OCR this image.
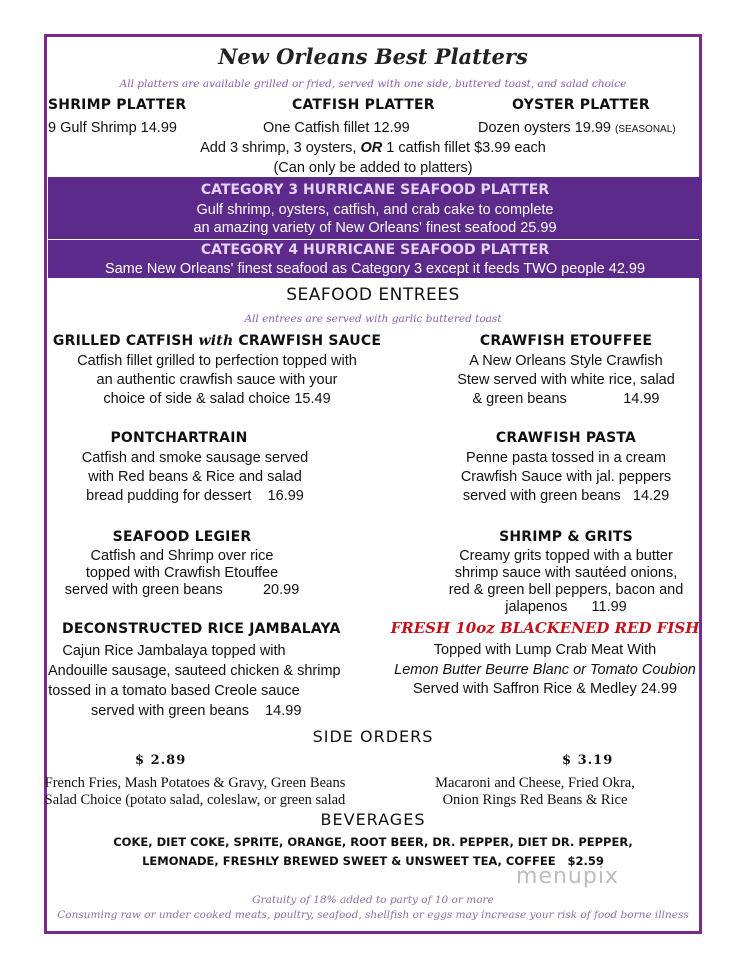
New Orleans Best Platters
All platters are available grilled or fried, served with one side, buttered toast, and salad choice
SHRIMP PLATTER
9 Gulf Shrimp 14.99
CATFISH PLATTER
One Catfish fillet 12.99
OYSTER PLATTER
Dozen oysters 19.99 (SEASONAL)
Add 3 shrimp, 3 oysters, OR 1 catfish fillet $3.99 each
(Can only be added to platters)
CATEGORY 3 HURRICANE SEAFOOD PLATTER
Gulf shrimp, oysters, catfish, and crab cake to complete
an amazing variety of New Orleans' finest seafood 25.99
CATEGORY 4 HURRICANE SEAFOOD PLATTER
Same New Orleans' finest seafood as Category 3 except it feeds TWO people 42.99
SEAFOOD ENTREES
All entrees are served with garlic buttered toast
GRILLED CATFISH with CRAWFISH SAUCE
Catfish fillet grilled to perfection topped with
an authentic crawfish sauce with your
choice of side & salad choice 15.49
CRAWFISH ETOUFFEE
A New Orleans Style Crawfish
Stew served with white rice, salad
& green beans              14.99
PONTCHARTRAIN
Catfish and smoke sausage served
with Red beans & Rice and salad
bread pudding for dessert    16.99
CRAWFISH PASTA
Penne pasta tossed in a cream
Crawfish Sauce with jal. peppers
served with green beans   14.29
SEAFOOD LEGIER
Catfish and Shrimp over rice
topped with Crawfish Etouffee
served with green beans          20.99
SHRIMP & GRITS
Creamy grits topped with a butter
shrimp sauce with sautéed onions,
red & green bell peppers, bacon and
jalapenos      11.99
DECONSTRUCTED RICE JAMBALAYA
Cajun Rice Jambalaya topped with
Andouille sausage, sauteed chicken & shrimp
tossed in a tomato based Creole sauce
served with green beans    14.99
FRESH 10oz BLACKENED RED FISH
Topped with Lump Crab Meat With
Lemon Butter Beurre Blanc or Tomato Coubion
Served with Saffron Rice & Medley 24.99
SIDE ORDERS
$ 2.89
French Fries, Mash Potatoes & Gravy, Green Beans
Salad Choice (potato salad, coleslaw, or green salad
$ 3.19
Macaroni and Cheese, Fried Okra,
Onion Rings Red Beans & Rice
BEVERAGES
COKE, DIET COKE, SPRITE, ORANGE, ROOT BEER, DR. PEPPER, DIET DR. PEPPER,
LEMONADE, FRESHLY BREWED SWEET & UNSWEET TEA, COFFEE   $2.59
menupix
Gratuity of 18% added to party of 10 or more
Consuming raw or under cooked meats, poultry, seafood, shellfish or eggs may increase your risk of food borne illness
